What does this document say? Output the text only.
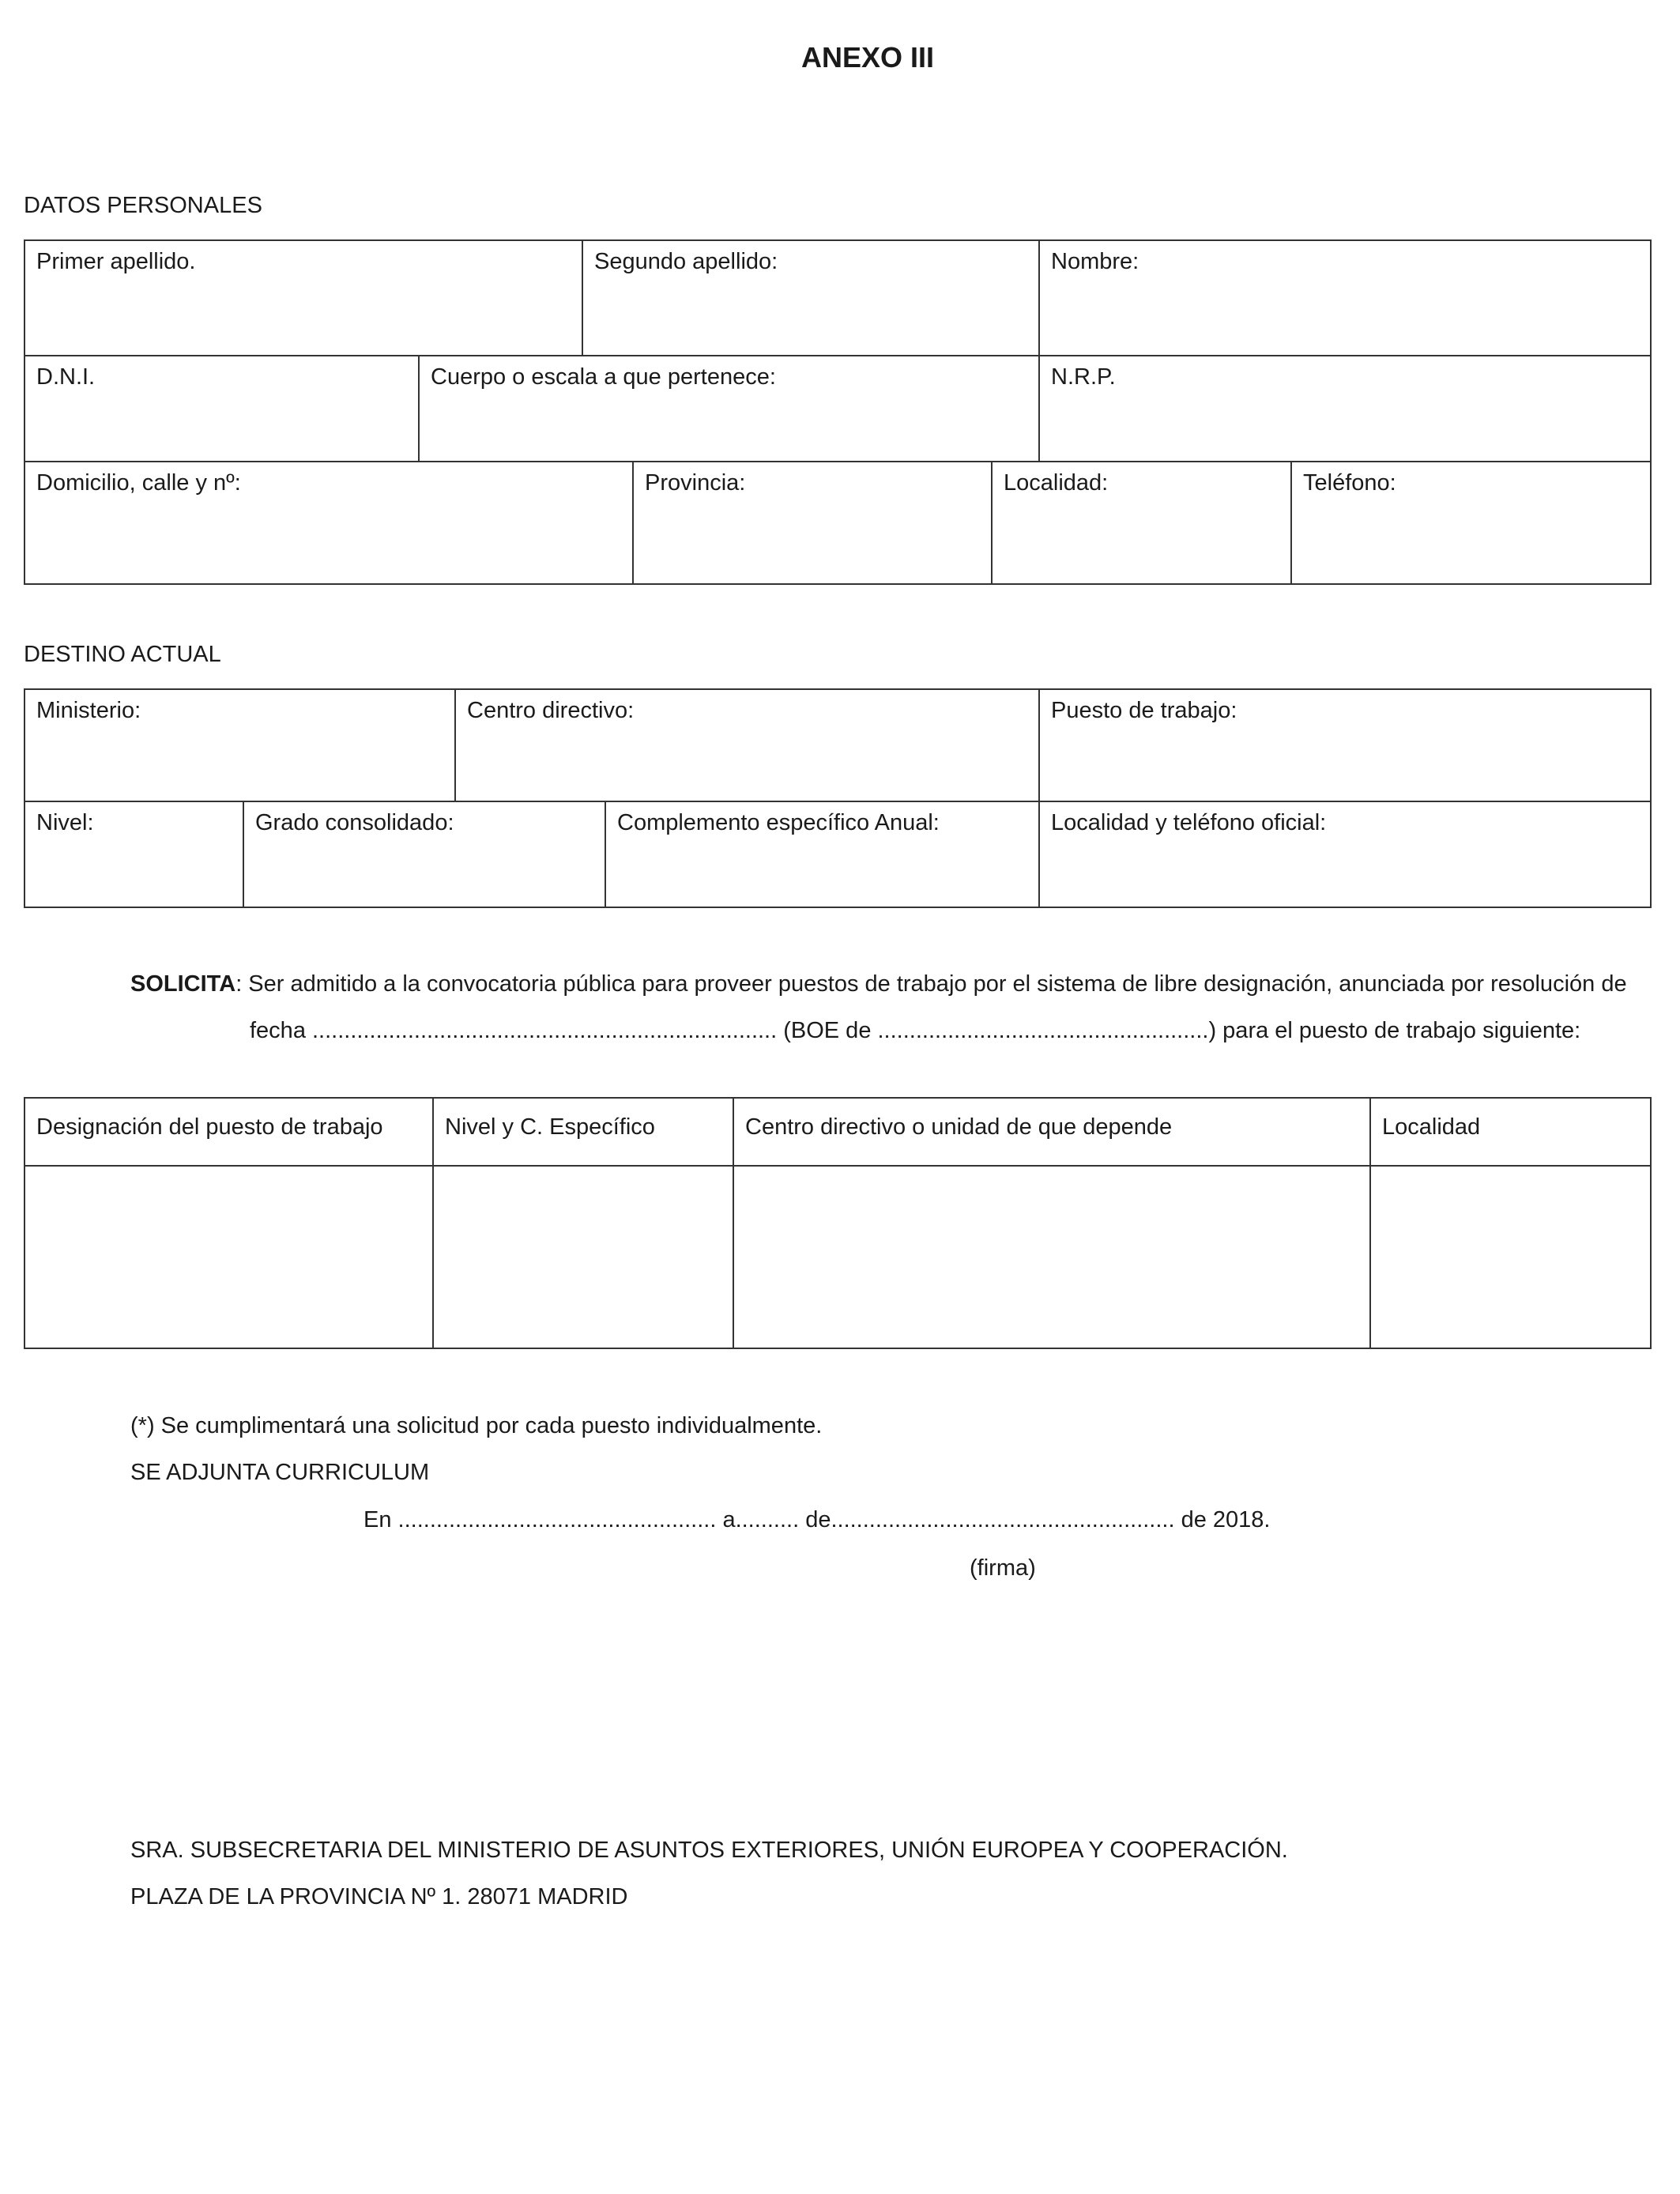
ANEXO III
DATOS PERSONALES
Primer apellido.	Segundo apellido:	Nombre:
D.N.I.	Cuerpo o escala a que pertenece:	N.R.P.
Domicilio, calle y nº:	Provincia:	Localidad:	Teléfono:
DESTINO ACTUAL
Ministerio:	Centro directivo:	Puesto de trabajo:
Nivel:	Grado consolidado:	Complemento específico Anual:	Localidad y teléfono oficial:
SOLICITA: Ser admitido a la convocatoria pública para proveer puestos de trabajo por el sistema de libre designación, anunciada por resolución de
fecha ......................................................................... (BOE de ....................................................) para el puesto de trabajo siguiente:
Designación del puesto de trabajo	Nivel y C. Específico	Centro directivo o unidad de que depende	Localidad
(*) Se cumplimentará una solicitud por cada puesto individualmente.
SE ADJUNTA CURRICULUM
En .................................................. a.......... de...................................................... de 2018.
(firma)
SRA. SUBSECRETARIA DEL MINISTERIO DE ASUNTOS EXTERIORES, UNIÓN EUROPEA Y COOPERACIÓN.
PLAZA DE LA PROVINCIA Nº 1. 28071 MADRID
